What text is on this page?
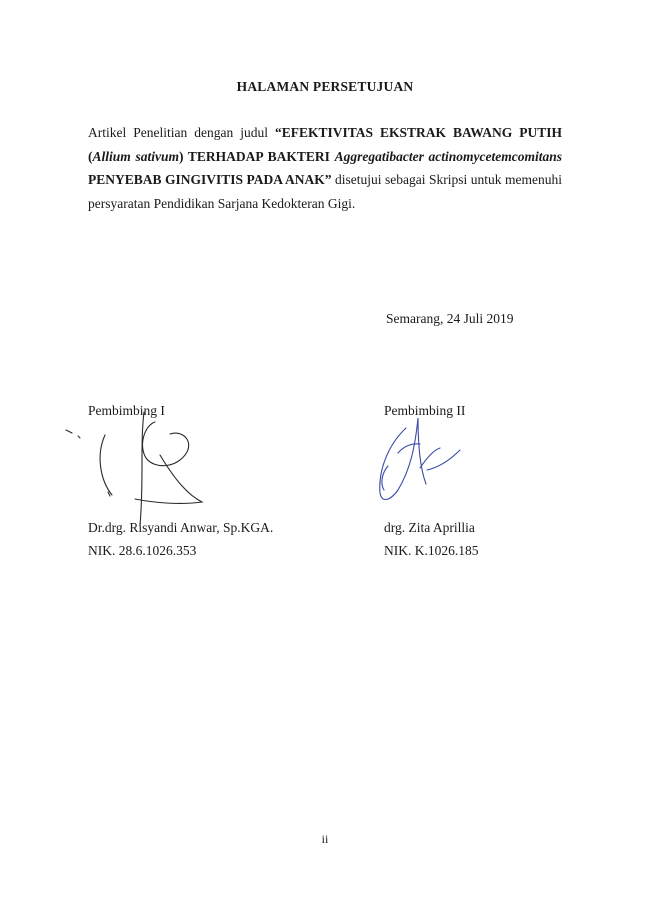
HALAMAN PERSETUJUAN
Artikel Penelitian dengan judul “EFEKTIVITAS EKSTRAK BAWANG PUTIH (Allium sativum) TERHADAP BAKTERI Aggregatibacter actinomycetemcomitans PENYEBAB GINGIVITIS PADA ANAK” disetujui sebagai Skripsi untuk memenuhi persyaratan Pendidikan Sarjana Kedokteran Gigi.
Semarang, 24 Juli 2019
Pembimbing I
Dr.drg. Risyandi Anwar, Sp.KGA.
NIK. 28.6.1026.353
Pembimbing II
drg. Zita Aprillia
NIK. K.1026.185
ii
